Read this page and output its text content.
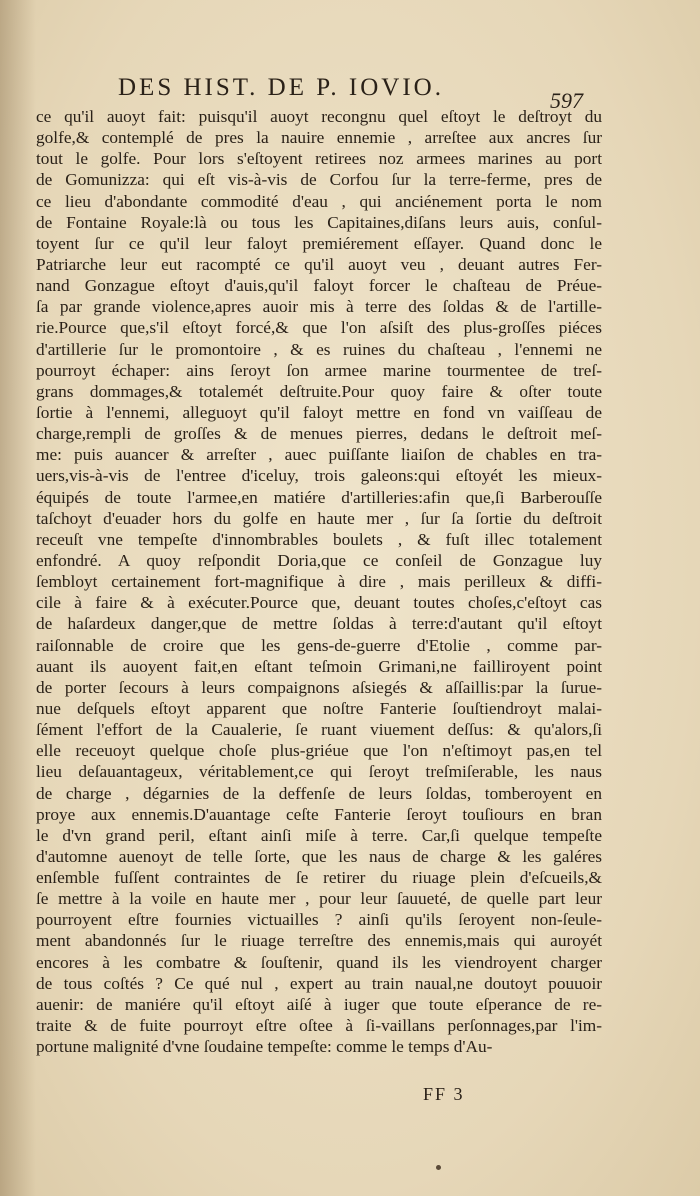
DES HIST. DE P. IOVIO.	597
ce qu'il auoyt fait: puisqu'il auoyt recongnu quel eſtoyt le deſtroyt du
golfe,& contemplé de pres la nauire ennemie , arreſtee aux ancres ſur
tout le golfe. Pour lors s'eſtoyent retirees noz armees marines au port
de Gomunizza: qui eſt vis-à-vis de Corfou ſur la terre-ferme, pres de
ce lieu d'abondante commodité d'eau , qui anciénement porta le nom
de Fontaine Royale:là ou tous les Capitaines,diſans leurs auis, conſul-
toyent ſur ce qu'il leur faloyt premiérement eſſayer. Quand donc le
Patriarche leur eut racompté ce qu'il auoyt veu , deuant autres Fer-
nand Gonzague eſtoyt d'auis,qu'il faloyt forcer le chaſteau de Préue-
ſa par grande violence,apres auoir mis à terre des ſoldas & de l'artille-
rie.Pource que,s'il eſtoyt forcé,& que l'on aſsiſt des plus-groſſes piéces
d'artillerie ſur le promontoire , & es ruines du chaſteau , l'ennemi ne
pourroyt échaper: ains ſeroyt ſon armee marine tourmentee de treſ-
grans dommages,& totalemét deſtruite.Pour quoy faire & oſter toute
ſortie à l'ennemi, alleguoyt qu'il faloyt mettre en fond vn vaiſſeau de
charge,rempli de groſſes & de menues pierres, dedans le deſtroit meſ-
me: puis auancer & arreſter , auec puiſſante liaiſon de chables en tra-
uers,vis-à-vis de l'entree d'iceluy, trois galeons:qui eſtoyét les mieux-
équipés de toute l'armee,en matiére d'artilleries:afin que,ſi Barberouſſe
taſchoyt d'euader hors du golfe en haute mer , ſur ſa ſortie du deſtroit
receuſt vne tempeſte d'innombrables boulets , & fuſt illec totalement
enfondré. A quoy reſpondit Doria,que ce conſeil de Gonzague luy
ſembloyt certainement fort-magnifique à dire , mais perilleux & diffi-
cile à faire & à exécuter.Pource que, deuant toutes choſes,c'eſtoyt cas
de haſardeux danger,que de mettre ſoldas à terre:d'autant qu'il eſtoyt
raiſonnable de croire que les gens-de-guerre d'Etolie , comme par-
auant ils auoyent fait,en eſtant teſmoin Grimani,ne failliroyent point
de porter ſecours à leurs compaignons aſsiegés & aſſaillis:par la ſurue-
nue deſquels eſtoyt apparent que noſtre Fanterie ſouſtiendroyt malai-
ſément l'effort de la Caualerie, ſe ruant viuement deſſus: & qu'alors,ſi
elle receuoyt quelque choſe plus-griéue que l'on n'eſtimoyt pas,en tel
lieu deſauantageux, véritablement,ce qui ſeroyt treſmiſerable, les naus
de charge , dégarnies de la deffenſe de leurs ſoldas, tomberoyent en
proye aux ennemis.D'auantage ceſte Fanterie ſeroyt touſiours en bran
le d'vn grand peril, eſtant ainſi miſe à terre. Car,ſi quelque tempeſte
d'automne auenoyt de telle ſorte, que les naus de charge & les galéres
enſemble fuſſent contraintes de ſe retirer du riuage plein d'eſcueils,&
ſe mettre à la voile en haute mer , pour leur ſauueté, de quelle part leur
pourroyent eſtre fournies victuailles ? ainſi qu'ils ſeroyent non-ſeule-
ment abandonnés ſur le riuage terreſtre des ennemis,mais qui auroyét
encores à les combatre & ſouſtenir, quand ils les viendroyent charger
de tous coſtés ? Ce qué nul , expert au train naual,ne doutoyt pouuoir
auenir: de maniére qu'il eſtoyt aiſé à iuger que toute eſperance de re-
traite & de fuite pourroyt eſtre oſtee à ſi-vaillans perſonnages,par l'im-
portune malignité d'vne ſoudaine tempeſte: comme le temps d'Au-
FF 3
